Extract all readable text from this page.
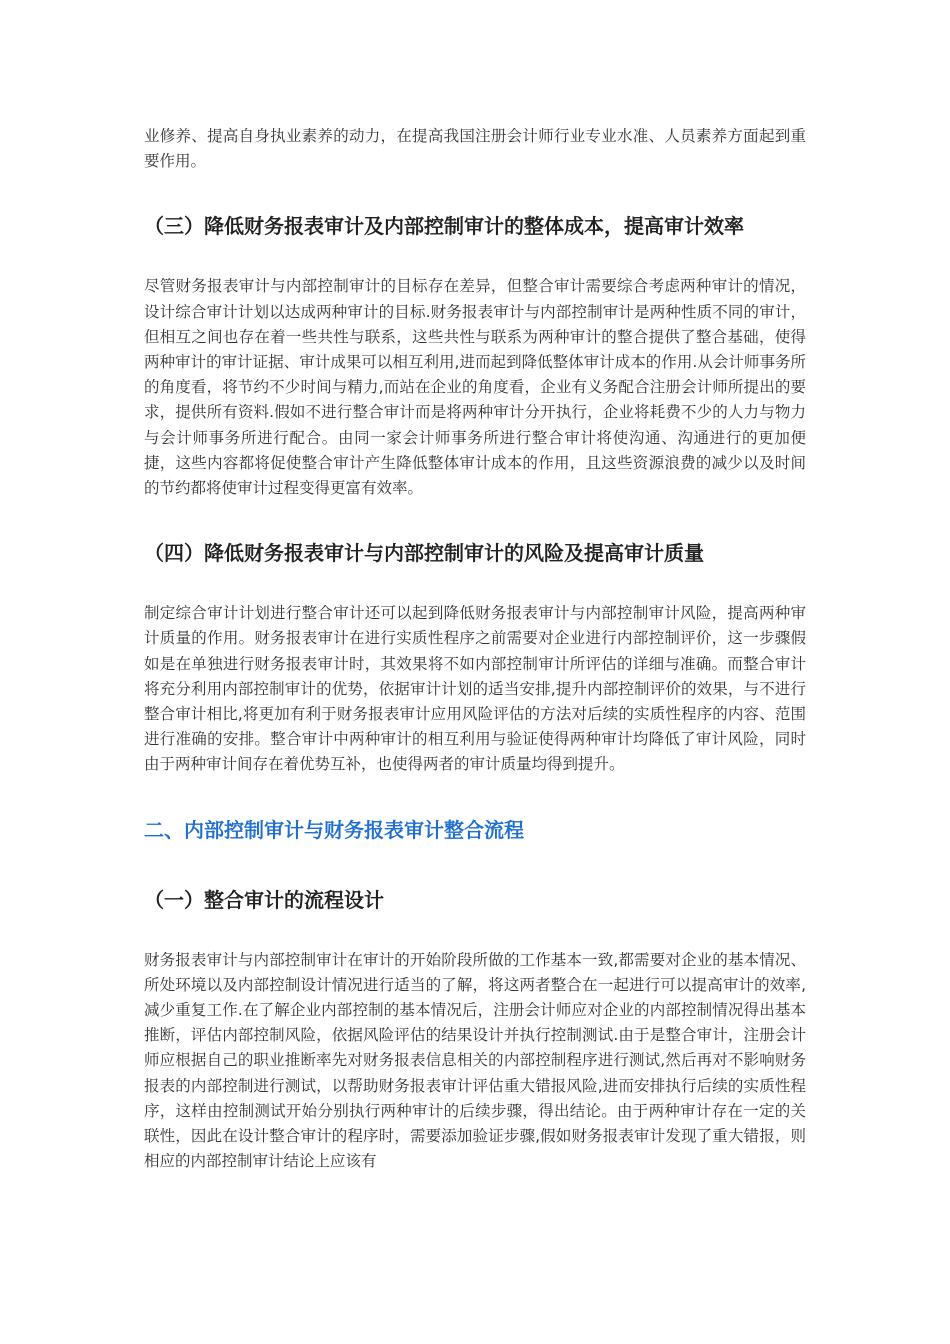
业修养、提高自身执业素养的动力，在提高我国注册会计师行业专业水准、人员素养方面起到重要作用。

（三）降低财务报表审计及内部控制审计的整体成本，提高审计效率

尽管财务报表审计与内部控制审计的目标存在差异，但整合审计需要综合考虑两种审计的情况，设计综合审计计划以达成两种审计的目标.财务报表审计与内部控制审计是两种性质不同的审计，但相互之间也存在着一些共性与联系，这些共性与联系为两种审计的整合提供了整合基础，使得两种审计的审计证据、审计成果可以相互利用,进而起到降低整体审计成本的作用.从会计师事务所的角度看，将节约不少时间与精力,而站在企业的角度看，企业有义务配合注册会计师所提出的要求，提供所有资料.假如不进行整合审计而是将两种审计分开执行，企业将耗费不少的人力与物力与会计师事务所进行配合。由同一家会计师事务所进行整合审计将使沟通、沟通进行的更加便捷，这些内容都将促使整合审计产生降低整体审计成本的作用，且这些资源浪费的减少以及时间的节约都将使审计过程变得更富有效率。

（四）降低财务报表审计与内部控制审计的风险及提高审计质量

制定综合审计计划进行整合审计还可以起到降低财务报表审计与内部控制审计风险，提高两种审计质量的作用。财务报表审计在进行实质性程序之前需要对企业进行内部控制评价，这一步骤假如是在单独进行财务报表审计时，其效果将不如内部控制审计所评估的详细与准确。而整合审计将充分利用内部控制审计的优势，依据审计计划的适当安排,提升内部控制评价的效果，与不进行整合审计相比,将更加有利于财务报表审计应用风险评估的方法对后续的实质性程序的内容、范围进行准确的安排。整合审计中两种审计的相互利用与验证使得两种审计均降低了审计风险，同时由于两种审计间存在着优势互补，也使得两者的审计质量均得到提升。

二、内部控制审计与财务报表审计整合流程
（一）整合审计的流程设计

财务报表审计与内部控制审计在审计的开始阶段所做的工作基本一致,都需要对企业的基本情况、所处环境以及内部控制设计情况进行适当的了解，将这两者整合在一起进行可以提高审计的效率,减少重复工作.在了解企业内部控制的基本情况后，注册会计师应对企业的内部控制情况得出基本推断，评估内部控制风险，依据风险评估的结果设计并执行控制测试.由于是整合审计，注册会计师应根据自己的职业推断率先对财务报表信息相关的内部控制程序进行测试,然后再对不影响财务报表的内部控制进行测试，以帮助财务报表审计评估重大错报风险,进而安排执行后续的实质性程序，这样由控制测试开始分别执行两种审计的后续步骤，得出结论。由于两种审计存在一定的关联性，因此在设计整合审计的程序时，需要添加验证步骤,假如财务报表审计发现了重大错报，则相应的内部控制审计结论上应该有
